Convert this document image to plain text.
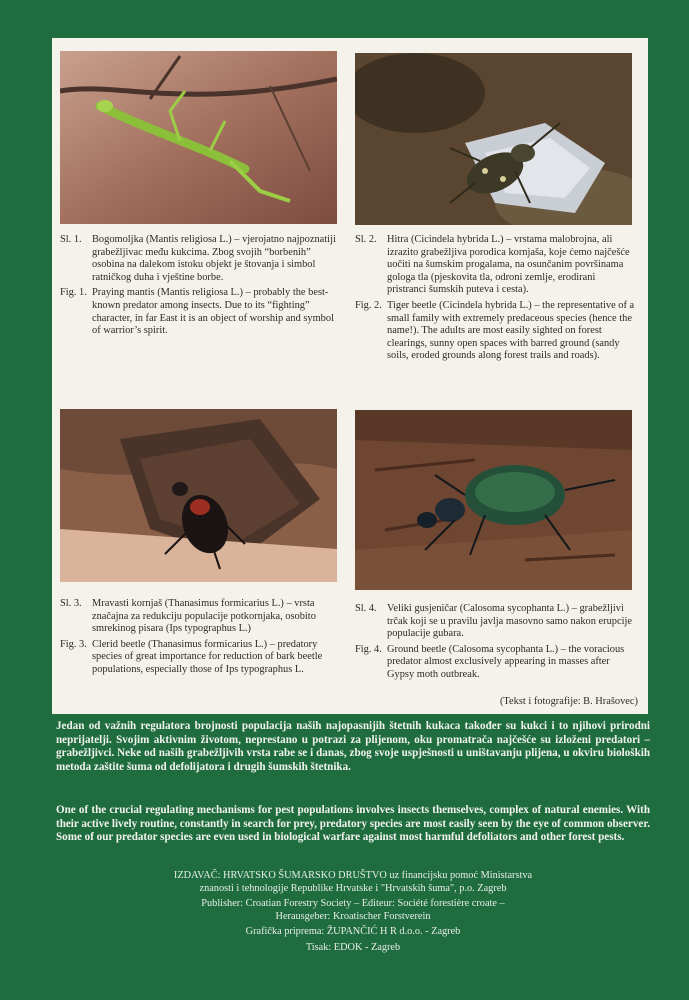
Sl. 1. Bogomoljka (Mantis religiosa L.) – vjerojatno najpoznatiji grabežljivac među kukcima. Zbog svojih “borbenih” osobina na dalekom istoku objekt je štovanja i simbol ratničkog duha i vještine borbe.

Fig. 1. Praying mantis (Mantis religiosa L.) – probably the best-known predator among insects. Due to its “fighting” character, in far East it is an object of worship and symbol of warrior’s spirit.

Sl. 2. Hitra (Cicindela hybrida L.) – vrstama malobrojna, ali izrazito grabežljiva porodica kornjaša, koje ćemo najčešće uočiti na šumskim progalama, na osunčanim površinama gologa tla (pjeskovita tla, odroni zemlje, erodirani pristranci šumskih puteva i cesta).

Fig. 2. Tiger beetle (Cicindela hybrida L.) – the representative of a small family with extremely predaceous species (hence the name!). The adults are most easily sighted on forest clearings, sunny open spaces with barred ground (sandy soils, eroded grounds along forest trails and roads).

Sl. 3. Mravasti kornjaš (Thanasimus formicarius L.) – vrsta značajna za redukciju populacije potkornjaka, osobito smrekinog pisara (Ips typographus L.)

Fig. 3. Clerid beetle (Thanasimus formicarius L.) – predatory species of great importance for reduction of bark beetle populations, especially those of Ips typographus L.

Sl. 4. Veliki gusjeničar (Calosoma sycophanta L.) – grabežljivi trčak koji se u pravilu javlja masovno samo nakon erupcije populacije gubara.

Fig. 4. Ground beetle (Calosoma sycophanta L.) – the voracious predator almost exclusively appearing in masses after Gypsy moth outbreak.

(Tekst i fotografije: B. Hrašovec)
Jedan od važnih regulatora brojnosti populacija naših najopasnijih štetnih kukaca također su kukci i to njihovi prirodni neprijatelji. Svojim aktivnim životom, neprestano u potrazi za plijenom, oku promatrača najčešće su izloženi predatori – grabežljivci. Neke od naših grabežljivih vrsta rabe se i danas, zbog svoje uspješnosti u uništavanju plijena, u okviru bioloških metoda zaštite šuma od defolijatora i drugih šumskih štetnika.
One of the crucial regulating mechanisms for pest populations involves insects themselves, complex of natural enemies. With their active lively routine, constantly in search for prey, predatory species are most easily seen by the eye of common observer. Some of our predator species are even used in biological warfare against most harmful defoliators and other forest pests.
IZDAVAČ: HRVATSKO ŠUMARSKO DRUŠTVO uz financijsku pomoć Ministarstva
znanosti i tehnologije Republike Hrvatske i "Hrvatskih šuma", p.o. Zagreb
Publisher: Croatian Forestry Society – Editeur: Société forestière croate –
Herausgeber: Kroatischer Forstverein
Grafička priprema: ŽUPANČIĆ H R d.o.o. - Zagreb
Tisak: EDOK - Zagreb
